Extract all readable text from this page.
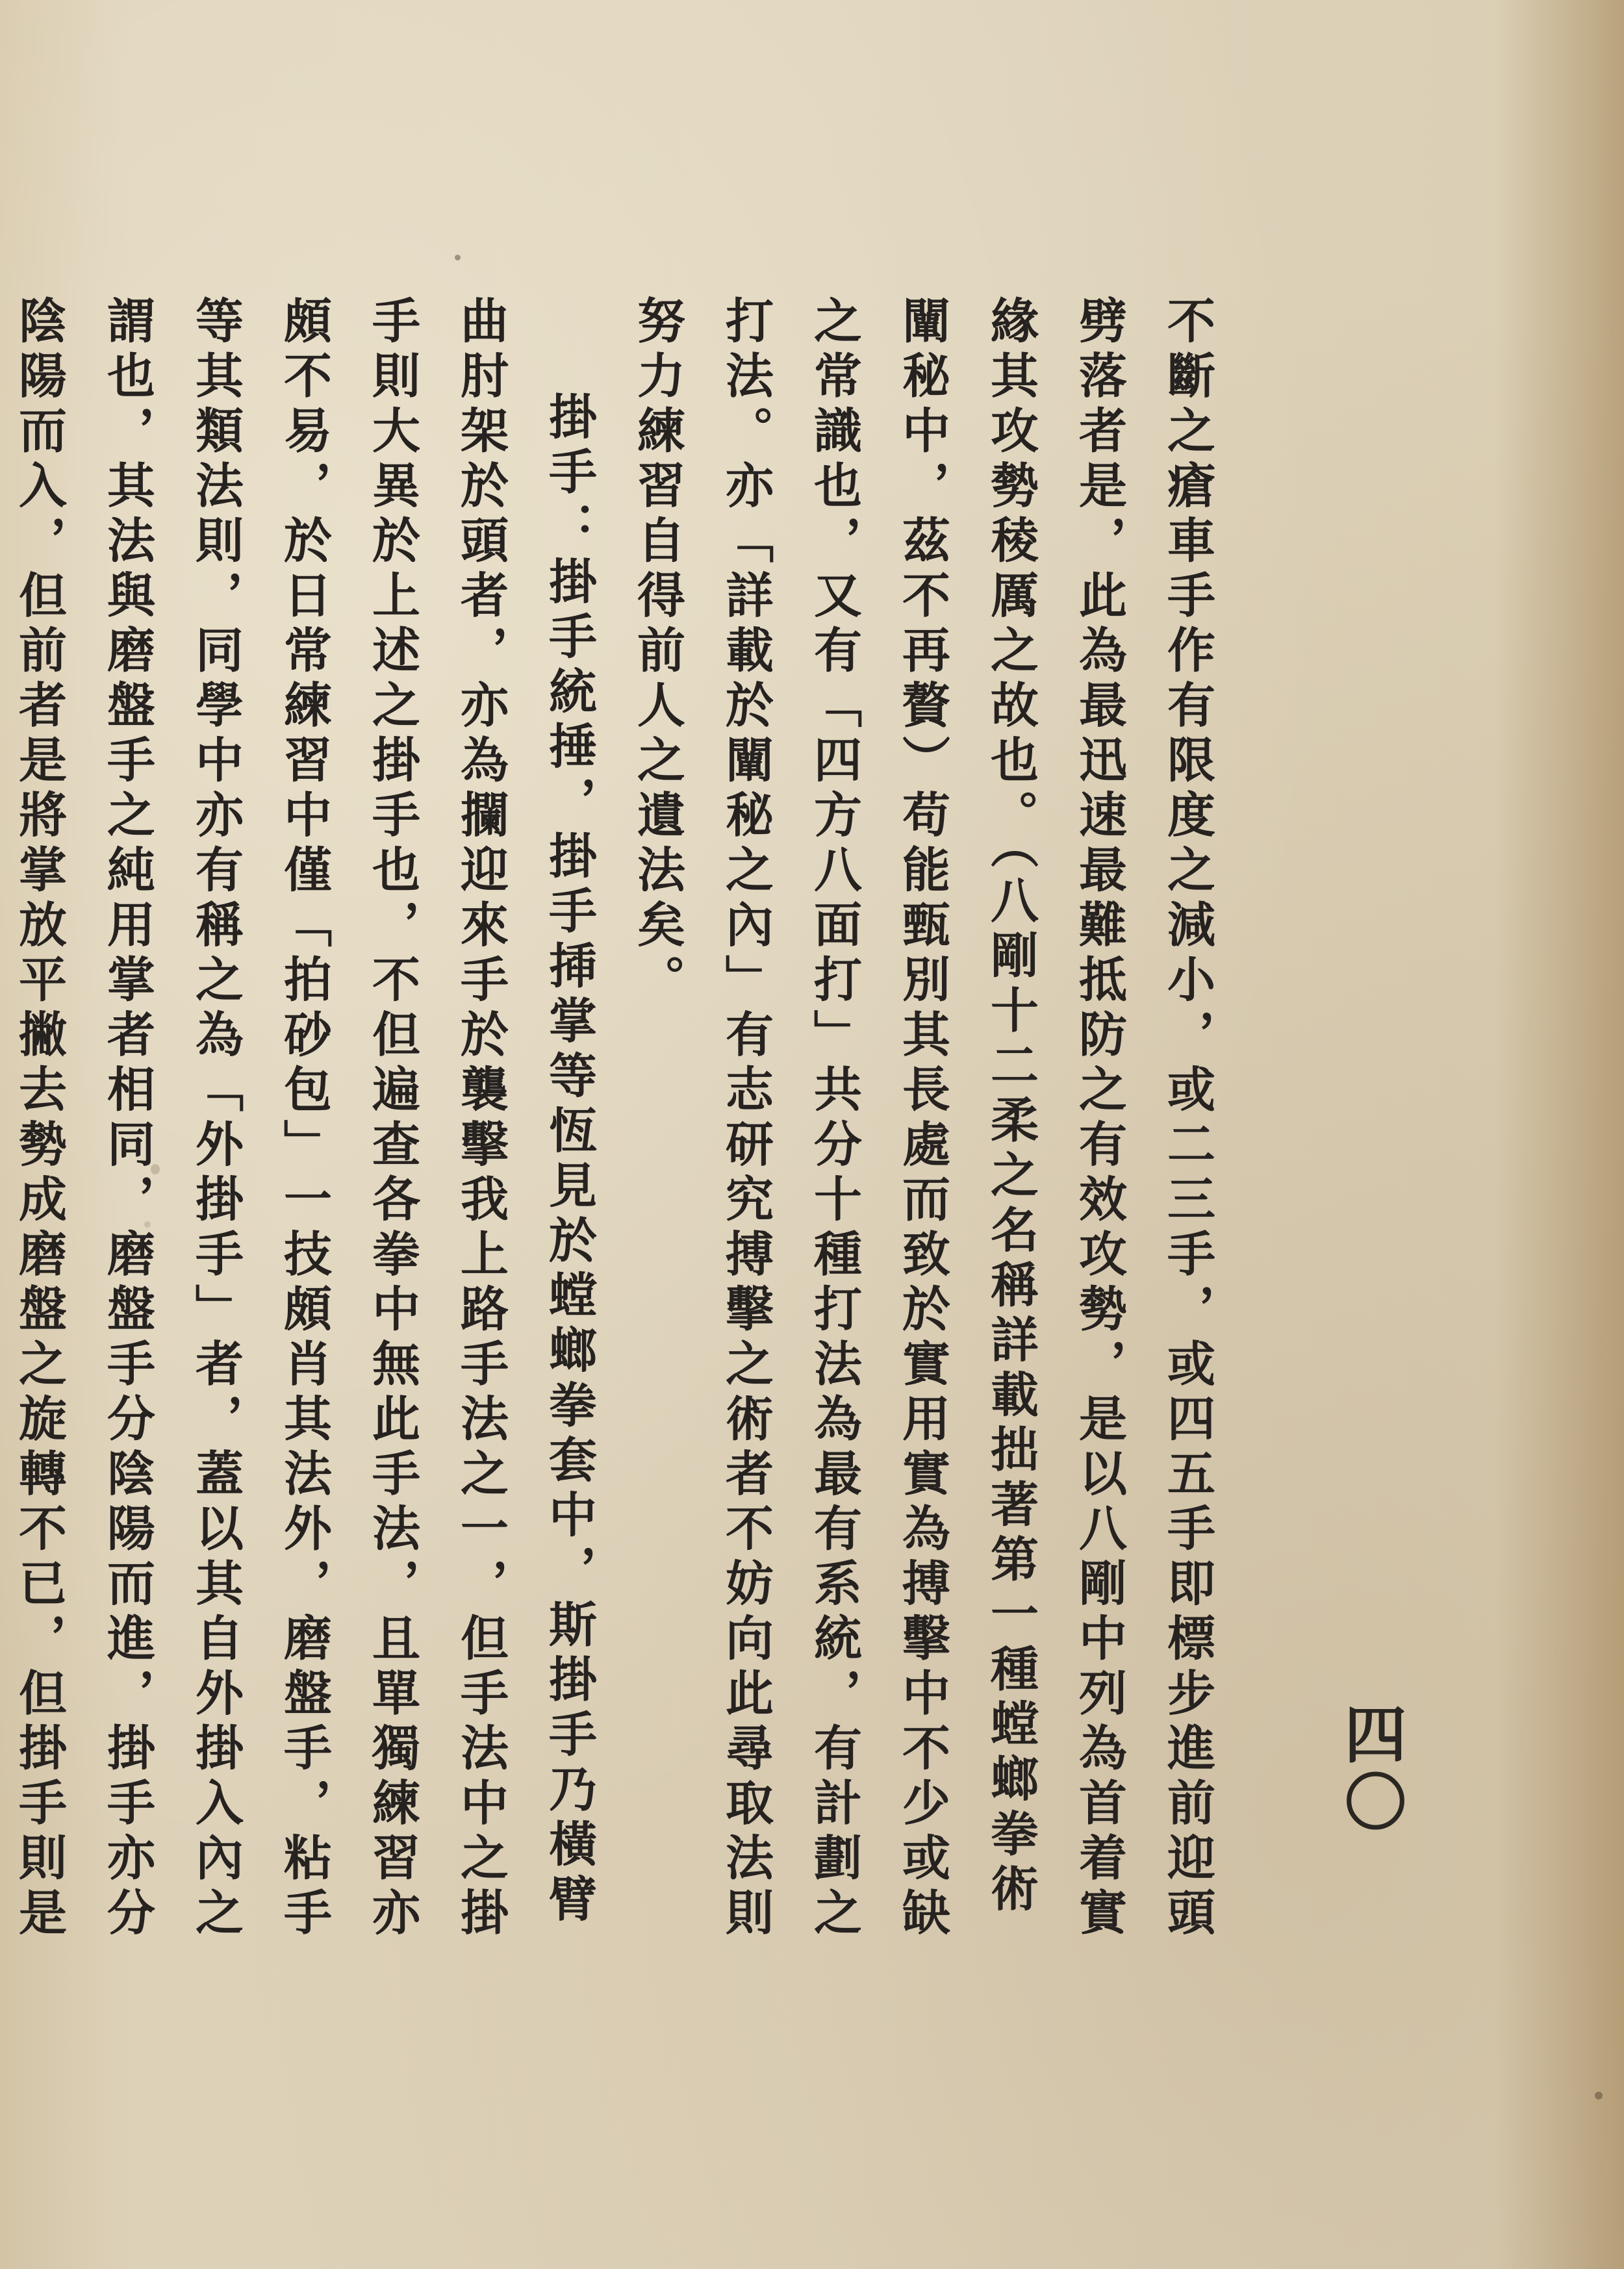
四〇

不斷之瘡車手作有限度之減小，或二三手，或四五手即標步進前迎頭劈落者是，此為最迅速最難抵防之有效攻勢，是以八剛中列為首着實緣其攻勢稜厲之故也。（八剛十二柔之名稱詳載拙著第一種螳螂拳術闡秘中，茲不再贅）苟能甄別其長處而致於實用實為搏擊中不少或缺之常識也，又有「四方八面打」共分十種打法為最有系統，有計劃之打法。亦「詳載於闡秘之內」有志研究搏擊之術者不妨向此尋取法則努力練習自得前人之遺法矣。

掛手：掛手統捶，掛手揷掌等恆見於螳螂拳套中，斯掛手乃橫臂曲肘架於頭者，亦為攔迎來手於襲擊我上路手法之一，但手法中之掛手則大異於上述之掛手也，不但遍查各拳中無此手法，且單獨練習亦頗不易，於日常練習中僅「拍砂包」一技頗肖其法外，磨盤手，粘手等其類法則，同學中亦有稱之為「外掛手」者，蓋以其自外掛入內之謂也，其法與磨盤手之純用掌者相同，磨盤手分陰陽而進，掛手亦分陰陽而入，但前者是將掌放平撇去勢成磨盤之旋轉不已，但掛手則是
